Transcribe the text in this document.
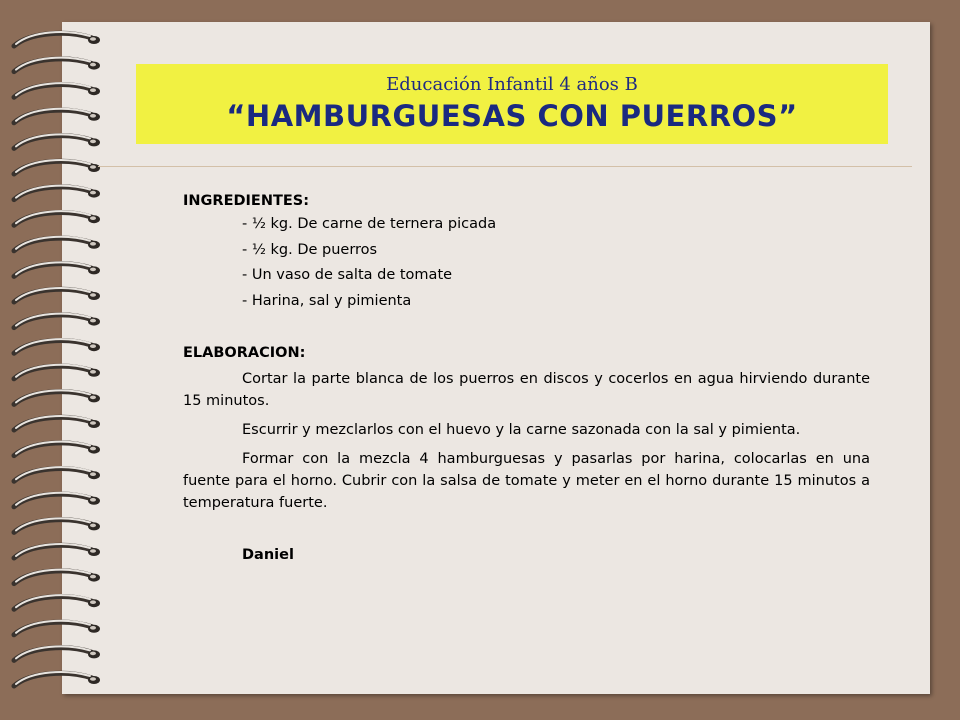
Educación Infantil 4 años B
“HAMBURGUESAS CON PUERROS”

INGREDIENTES:

- ½ kg. De carne de ternera picada

- ½ kg. De puerros

- Un vaso de salta de tomate

- Harina, sal y pimienta

ELABORACION:

Cortar la parte blanca de los puerros en discos y cocerlos en agua hirviendo durante 15 minutos.

Escurrir y mezclarlos con el huevo y la carne sazonada con la sal y pimienta.

Formar con la mezcla 4 hamburguesas y pasarlas por harina, colocarlas en una fuente para el horno. Cubrir con la salsa de tomate y meter en el horno durante 15 minutos a temperatura fuerte.

Daniel
